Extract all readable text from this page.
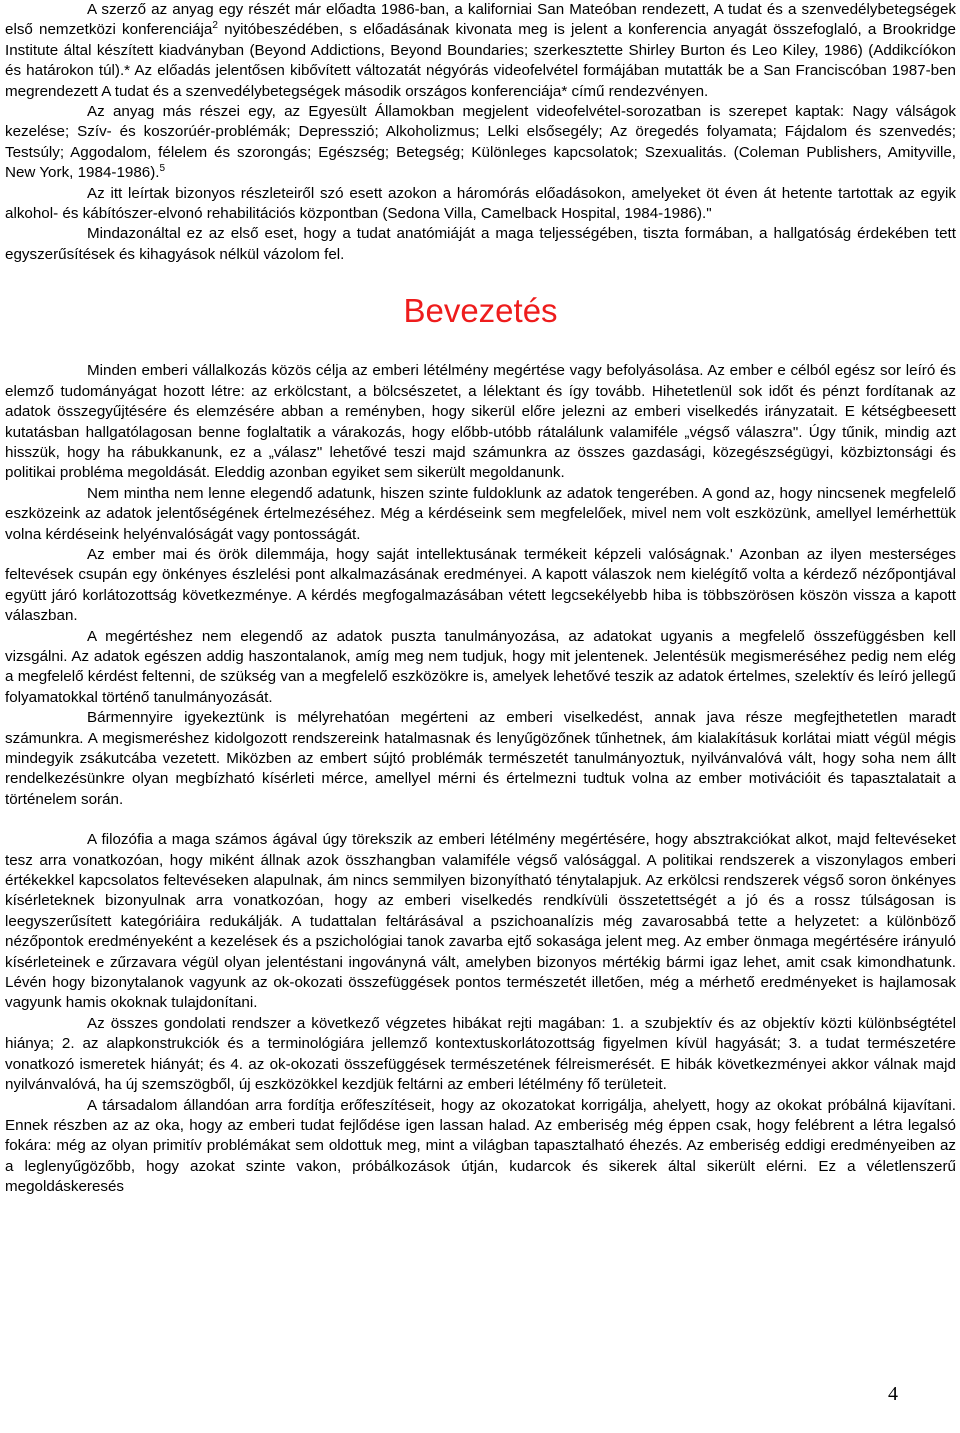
A szerző az anyag egy részét már előadta 1986-ban, a kaliforniai San Mateóban rendezett, A tudat és a szenvedélybetegségek első nemzetközi konferenciája$^2$ nyitóbeszédében, s előadásának kivonata meg is jelent a konferencia anyagát összefoglaló, a Brookridge Institute által készített kiadványban (Beyond Addictions, Beyond Boundaries; szerkesztette Shirley Burton és Leo Kiley, 1986) (Addikcíókon és határokon túl).* Az előadás jelentősen kibővített változatát négyórás videofelvétel formájában mutatták be a San Franciscóban 1987-ben megrendezett A tudat és a szenvedélybetegségek második országos konferenciája* című rendezvényen.

Az anyag más részei egy, az Egyesült Államokban megjelent videofelvétel-sorozatban is szerepet kaptak: Nagy válságok kezelése; Szív- és koszorúér-problémák; Depresszió; Alkoholizmus; Lelki elsősegély; Az öregedés folyamata; Fájdalom és szenvedés; Testsúly; Aggodalom, félelem és szorongás; Egészség; Betegség; Különleges kapcsolatok; Szexualitás. (Coleman Publishers, Amityville, New York, 1984-1986).$^5$

Az itt leírtak bizonyos részleteiről szó esett azokon a háromórás előadásokon, amelyeket öt éven át hetente tartottak az egyik alkohol- és kábítószer-elvonó rehabilitációs központban (Sedona Villa, Camelback Hospital, 1984-1986)."

Mindazonáltal ez az első eset, hogy a tudat anatómiáját a maga teljességében, tiszta formában, a hallgatóság érdekében tett egyszerűsítések és kihagyások nélkül vázolom fel.

Bevezetés

Minden emberi vállalkozás közös célja az emberi létélmény megértése vagy befolyásolása. Az ember e célból egész sor leíró és elemző tudományágat hozott létre: az erkölcstant, a bölcsészetet, a lélektant és így tovább. Hihetetlenül sok időt és pénzt fordítanak az adatok összegyűjtésére és elemzésére abban a reményben, hogy sikerül előre jelezni az emberi viselkedés irányzatait. E kétségbeesett kutatásban hallgatólagosan benne foglaltatik a várakozás, hogy előbb-utóbb rátalálunk valamiféle „végső válaszra". Úgy tűnik, mindig azt hisszük, hogy ha rábukkanunk, ez a „válasz" lehetővé teszi majd számunkra az összes gazdasági, közegészségügyi, közbiztonsági és politikai probléma megoldását. Eleddig azonban egyiket sem sikerült megoldanunk.

Nem mintha nem lenne elegendő adatunk, hiszen szinte fuldoklunk az adatok tengerében. A gond az, hogy nincsenek megfelelő eszközeink az adatok jelentőségének értelmezéséhez. Még a kérdéseink sem megfelelőek, mivel nem volt eszközünk, amellyel lemérhettük volna kérdéseink helyénvalóságát vagy pontosságát.

Az ember mai és örök dilemmája, hogy saját intellektusának termékeit képzeli valóságnak.' Azonban az ilyen mesterséges feltevések csupán egy önkényes észlelési pont alkalmazásának eredményei. A kapott válaszok nem kielégítő volta a kérdező nézőpontjával együtt járó korlátozottság következménye. A kérdés megfogalmazásában vétett legcsekélyebb hiba is többszörösen köszön vissza a kapott válaszban.

A megértéshez nem elegendő az adatok puszta tanulmányozása, az adatokat ugyanis a megfelelő összefüggésben kell vizsgálni. Az adatok egészen addig haszontalanok, amíg meg nem tudjuk, hogy mit jelentenek. Jelentésük megismeréséhez pedig nem elég a megfelelő kérdést feltenni, de szükség van a megfelelő eszközökre is, amelyek lehetővé teszik az adatok értelmes, szelektív és leíró jellegű folyamatokkal történő tanulmányozását.

Bármennyire igyekeztünk is mélyrehatóan megérteni az emberi viselkedést, annak java része megfejthetetlen maradt számunkra. A megismeréshez kidolgozott rendszereink hatalmasnak és lenyűgözőnek tűnhetnek, ám kialakításuk korlátai miatt végül mégis mindegyik zsákutcába vezetett. Miközben az embert sújtó problémák természetét tanulmányoztuk, nyilvánvalóvá vált, hogy soha nem állt rendelkezésünkre olyan megbízható kísérleti mérce, amellyel mérni és értelmezni tudtuk volna az ember motivációit és tapasztalatait a történelem során.

A filozófia a maga számos ágával úgy törekszik az emberi létélmény megértésére, hogy absztrakciókat alkot, majd feltevéseket tesz arra vonatkozóan, hogy miként állnak azok összhangban valamiféle végső valósággal. A politikai rendszerek a viszonylagos emberi értékekkel kapcsolatos feltevéseken alapulnak, ám nincs semmilyen bizonyítható ténytalapjuk. Az erkölcsi rendszerek végső soron önkényes kísérleteknek bizonyulnak arra vonatkozóan, hogy az emberi viselkedés rendkívüli összetettségét a jó és a rossz túlságosan is leegyszerűsített kategóriáira redukálják. A tudattalan feltárásával a pszichoanalízis még zavarosabbá tette a helyzetet: a különböző nézőpontok eredményeként a kezelések és a pszichológiai tanok zavarba ejtő sokasága jelent meg. Az ember önmaga megértésére irányuló kísérleteinek e zűrzavara végül olyan jelentéstani ingoványná vált, amelyben bizonyos mértékig bármi igaz lehet, amit csak kimondhatunk. Lévén hogy bizonytalanok vagyunk az ok-okozati összefüggések pontos természetét illetően, még a mérhető eredményeket is hajlamosak vagyunk hamis okoknak tulajdonítani.

Az összes gondolati rendszer a következő végzetes hibákat rejti magában: 1. a szubjektív és az objektív közti különbségtétel hiánya; 2. az alapkonstrukciók és a terminológiára jellemző kontextuskorlátozottság figyelmen kívül hagyását; 3. a tudat természetére vonatkozó ismeretek hiányát; és 4. az ok-okozati összefüggések természetének félreismerését. E hibák következményei akkor válnak majd nyilvánvalóvá, ha új szemszögből, új eszközökkel kezdjük feltárni az emberi létélmény fő területeit.

A társadalom állandóan arra fordítja erőfeszítéseit, hogy az okozatokat korrigálja, ahelyett, hogy az okokat próbálná kijavítani. Ennek részben az az oka, hogy az emberi tudat fejlődése igen lassan halad. Az emberiség még éppen csak, hogy felébrent a létra legalsó fokára: még az olyan primitív problémákat sem oldottuk meg, mint a világban tapasztalható éhezés. Az emberiség eddigi eredményeiben az a leglenyűgözőbb, hogy azokat szinte vakon, próbálkozások útján, kudarcok és sikerek által sikerült elérni. Ez a véletlenszerű megoldáskeresés

4
